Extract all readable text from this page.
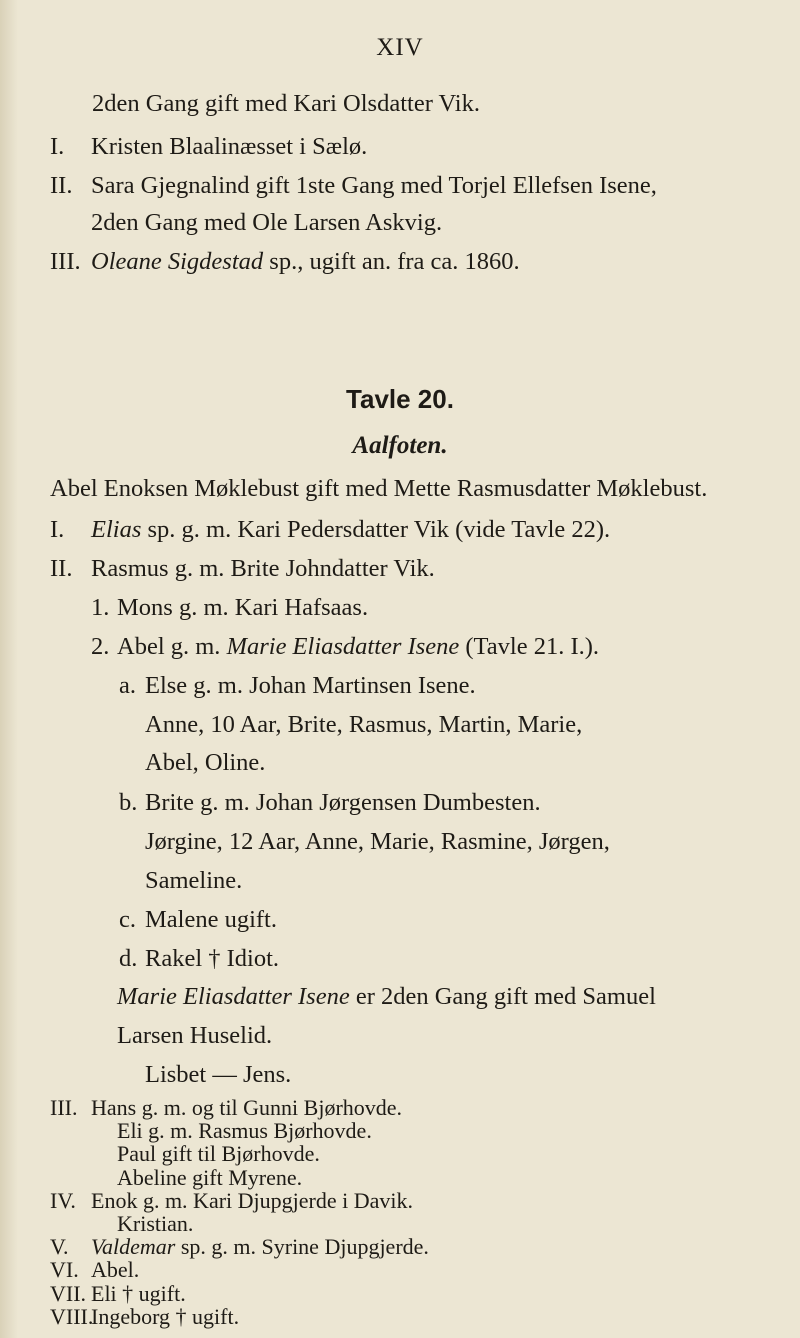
XIV
2den Gang gift med Kari Olsdatter Vik.
I. Kristen Blaalinæsset i Sælø.
II. Sara Gjegnalind gift 1ste Gang med Torjel Ellefsen Isene,
2den Gang med Ole Larsen Askvig.
III. Oleane Sigdestad sp., ugift an. fra ca. 1860.
Tavle 20.
Aalfoten.
Abel Enoksen Møklebust gift med Mette Rasmusdatter Møklebust.
I. Elias sp. g. m. Kari Pedersdatter Vik (vide Tavle 22).
II. Rasmus g. m. Brite Johndatter Vik.
1. Mons g. m. Kari Hafsaas.
2. Abel g. m. Marie Eliasdatter Isene (Tavle 21. I.).
a. Else g. m. Johan Martinsen Isene.
Anne, 10 Aar, Brite, Rasmus, Martin, Marie,
Abel, Oline.
b. Brite g. m. Johan Jørgensen Dumbesten.
Jørgine, 12 Aar, Anne, Marie, Rasmine, Jørgen,
Sameline.
c. Malene ugift.
d. Rakel † Idiot.
Marie Eliasdatter Isene er 2den Gang gift med Samuel
Larsen Huselid.
Lisbet — Jens.
III. Hans g. m. og til Gunni Bjørhovde.
Eli g. m. Rasmus Bjørhovde.
Paul gift til Bjørhovde.
Abeline gift Myrene.
IV. Enok g. m. Kari Djupgjerde i Davik.
Kristian.
V. Valdemar sp. g. m. Syrine Djupgjerde.
VI. Abel.
VII. Eli † ugift.
VIII.
Ingeborg † ugift.
